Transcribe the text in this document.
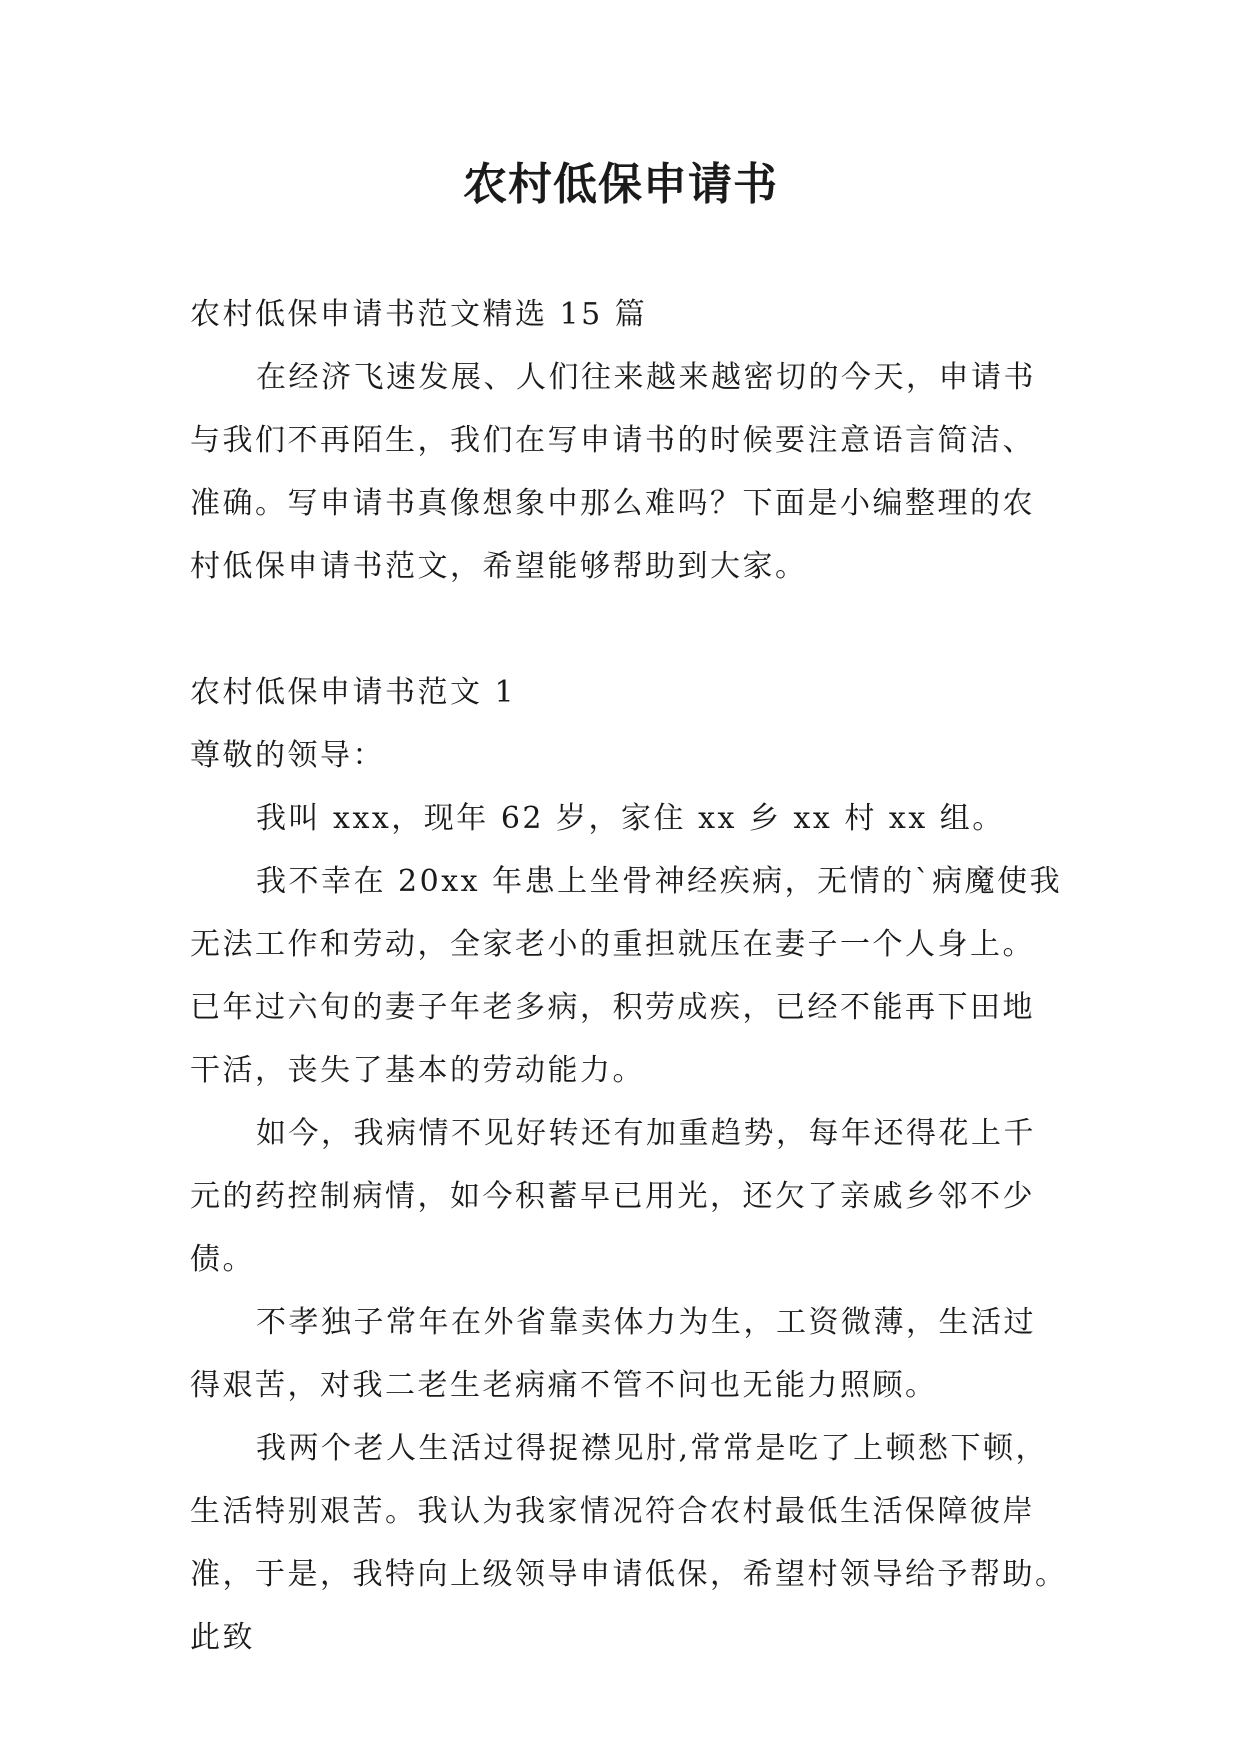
农村低保申请书

农村低保申请书范文精选 15 篇

在经济飞速发展、人们往来越来越密切的今天，申请书

与我们不再陌生，我们在写申请书的时候要注意语言简洁、

准确。写申请书真像想象中那么难吗？下面是小编整理的农

村低保申请书范文，希望能够帮助到大家。

农村低保申请书范文 1

尊敬的领导：

我叫 xxx，现年 62 岁，家住 xx 乡 xx 村 xx 组。

我不幸在 20xx 年患上坐骨神经疾病，无情的`病魔使我

无法工作和劳动，全家老小的重担就压在妻子一个人身上。

已年过六旬的妻子年老多病，积劳成疾，已经不能再下田地

干活，丧失了基本的劳动能力。

如今，我病情不见好转还有加重趋势，每年还得花上千

元的药控制病情，如今积蓄早已用光，还欠了亲戚乡邻不少

债。

不孝独子常年在外省靠卖体力为生，工资微薄，生活过

得艰苦，对我二老生老病痛不管不问也无能力照顾。

我两个老人生活过得捉襟见肘,常常是吃了上顿愁下顿，

生活特别艰苦。我认为我家情况符合农村最低生活保障彼岸

准，于是，我特向上级领导申请低保，希望村领导给予帮助。

此致
